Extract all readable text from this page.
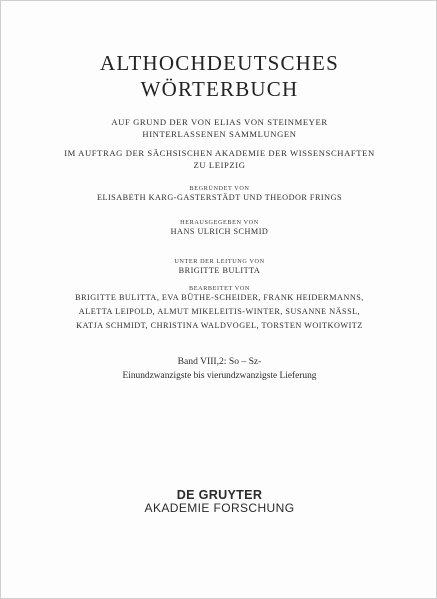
ALTHOCHDEUTSCHES
WÖRTERBUCH
AUF GRUND DER VON ELIAS VON STEINMEYER
HINTERLASSENEN SAMMLUNGEN
IM AUFTRAG DER SÄCHSISCHEN AKADEMIE DER WISSENSCHAFTEN
ZU LEIPZIG
BEGRÜNDET VON
ELISABETH KARG-GASTERSTÄDT UND THEODOR FRINGS
HERAUSGEGEBEN VON
HANS ULRICH SCHMID
UNTER DER LEITUNG VON
BRIGITTE BULITTA
BEARBEITET VON
BRIGITTE BULITTA, EVA BÜTHE-SCHEIDER, FRANK HEIDERMANNS,
ALETTA LEIPOLD, ALMUT MIKELEITIS-WINTER, SUSANNE NÄSSL,
KATJA SCHMIDT, CHRISTINA WALDVOGEL, TORSTEN WOITKOWITZ
Band VIII,2: So – Sz-
Einundzwanzigste bis vierundzwanzigste Lieferung
DE GRUYTER
AKADEMIE FORSCHUNG
